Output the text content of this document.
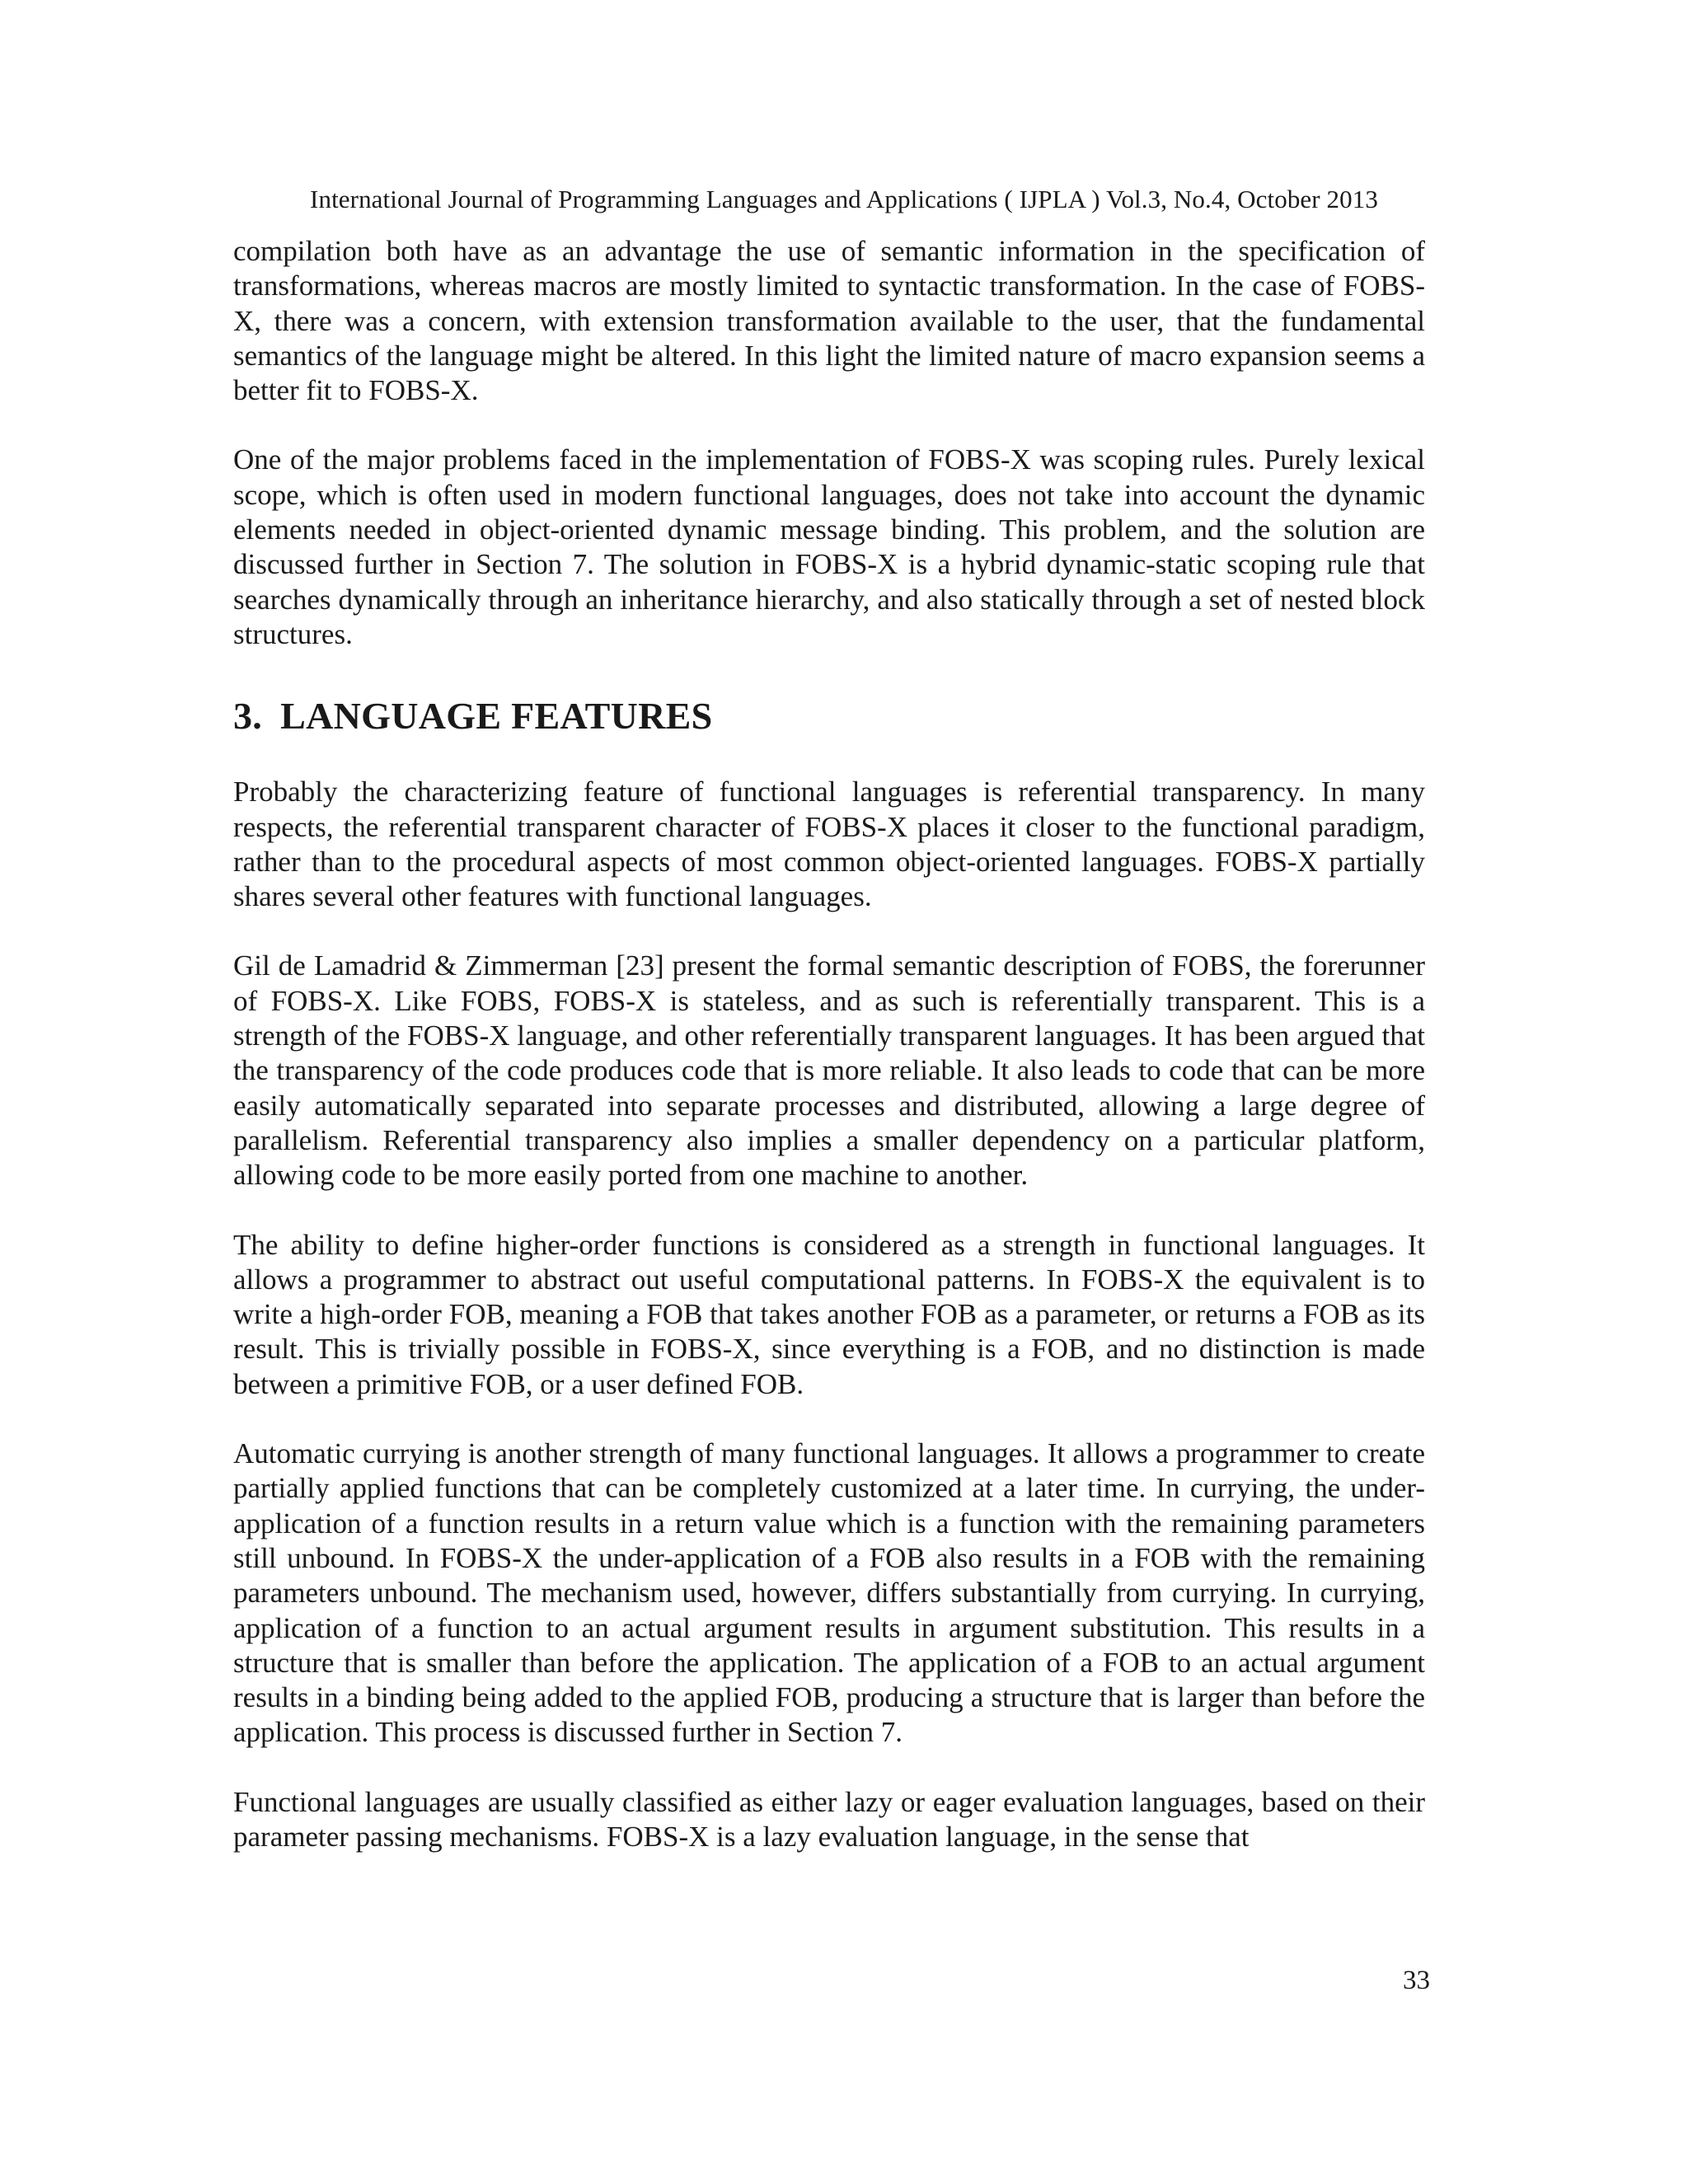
International Journal of Programming Languages and Applications ( IJPLA ) Vol.3, No.4, October 2013

compilation both have as an advantage the use of semantic information in the specification of transformations, whereas macros are mostly limited to syntactic transformation. In the case of FOBS-X, there was a concern, with extension transformation available to the user, that the fundamental semantics of the language might be altered. In this light the limited nature of macro expansion seems a better fit to FOBS-X.

One of the major problems faced in the implementation of FOBS-X was scoping rules. Purely lexical scope, which is often used in modern functional languages, does not take into account the dynamic elements needed in object-oriented dynamic message binding. This problem, and the solution are discussed further in Section 7. The solution in FOBS-X is a hybrid dynamic-static scoping rule that searches dynamically through an inheritance hierarchy, and also statically through a set of nested block structures.

3. LANGUAGE FEATURES

Probably the characterizing feature of functional languages is referential transparency. In many respects, the referential transparent character of FOBS-X places it closer to the functional paradigm, rather than to the procedural aspects of most common object-oriented languages. FOBS-X partially shares several other features with functional languages.

Gil de Lamadrid & Zimmerman [23] present the formal semantic description of FOBS, the forerunner of FOBS-X. Like FOBS, FOBS-X is stateless, and as such is referentially transparent. This is a strength of the FOBS-X language, and other referentially transparent languages. It has been argued that the transparency of the code produces code that is more reliable. It also leads to code that can be more easily automatically separated into separate processes and distributed, allowing a large degree of parallelism. Referential transparency also implies a smaller dependency on a particular platform, allowing code to be more easily ported from one machine to another.

The ability to define higher-order functions is considered as a strength in functional languages. It allows a programmer to abstract out useful computational patterns. In FOBS-X the equivalent is to write a high-order FOB, meaning a FOB that takes another FOB as a parameter, or returns a FOB as its result. This is trivially possible in FOBS-X, since everything is a FOB, and no distinction is made between a primitive FOB, or a user defined FOB.

Automatic currying is another strength of many functional languages. It allows a programmer to create partially applied functions that can be completely customized at a later time. In currying, the under-application of a function results in a return value which is a function with the remaining parameters still unbound. In FOBS-X the under-application of a FOB also results in a FOB with the remaining parameters unbound. The mechanism used, however, differs substantially from currying. In currying, application of a function to an actual argument results in argument substitution. This results in a structure that is smaller than before the application. The application of a FOB to an actual argument results in a binding being added to the applied FOB, producing a structure that is larger than before the application. This process is discussed further in Section 7.

Functional languages are usually classified as either lazy or eager evaluation languages, based on their parameter passing mechanisms. FOBS-X is a lazy evaluation language, in the sense that

33
